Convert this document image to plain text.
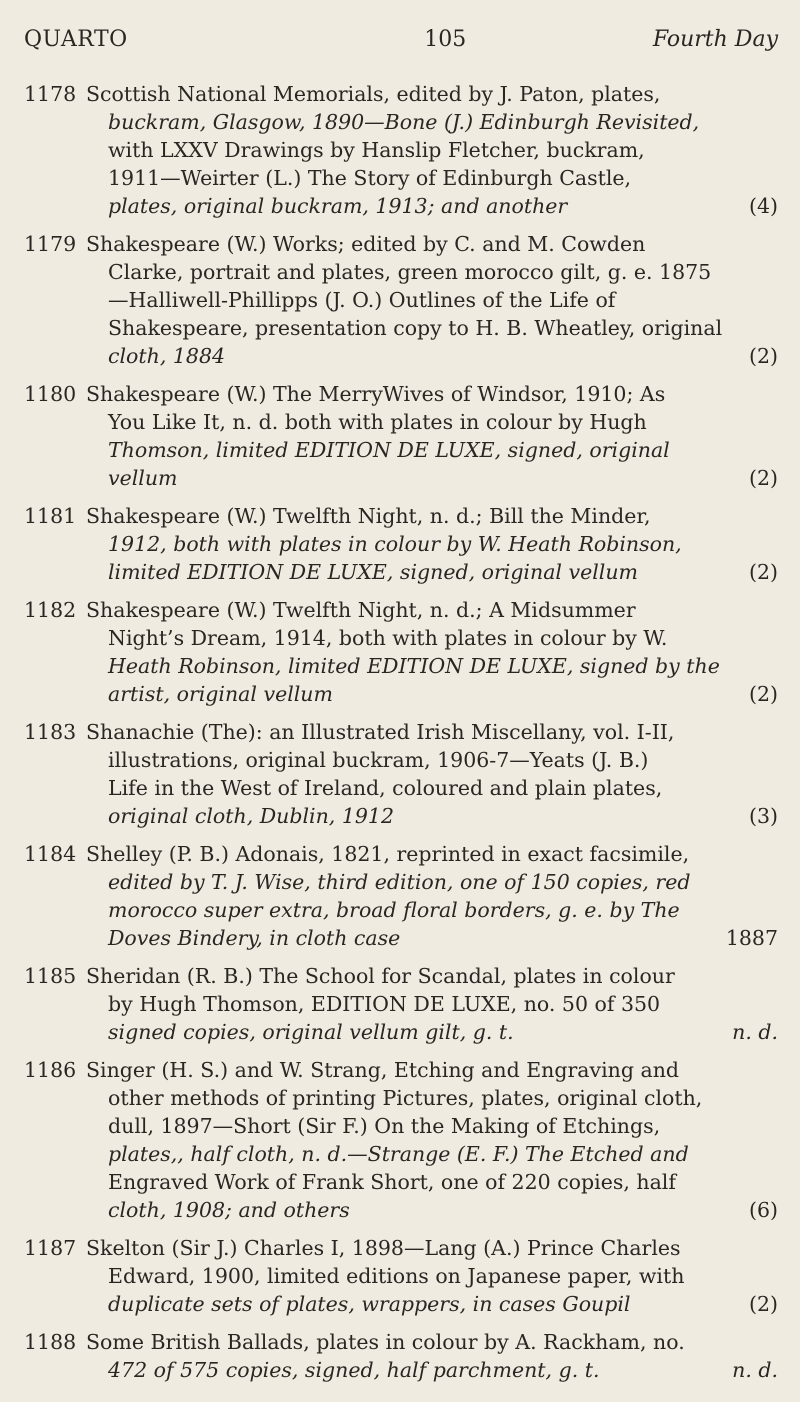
QUARTO	105	Fourth Day
1178 Scottish National Memorials, edited by J. Paton, plates,
buckram, Glasgow, 1890—Bone (J.) Edinburgh Revisited,
with LXXV Drawings by Hanslip Fletcher, buckram,
1911—Weirter (L.) The Story of Edinburgh Castle,
plates, original buckram, 1913; and another	(4)
1179 Shakespeare (W.) Works; edited by C. and M. Cowden
Clarke, portrait and plates, green morocco gilt, g. e. 1875
—Halliwell-Phillipps (J. O.) Outlines of the Life of
Shakespeare, presentation copy to H. B. Wheatley, original
cloth, 1884	(2)
1180 Shakespeare (W.) The MerryWives of Windsor, 1910; As
You Like It, n. d. both with plates in colour by Hugh
Thomson, limited EDITION DE LUXE, signed, original
vellum	(2)
1181 Shakespeare (W.) Twelfth Night, n. d.; Bill the Minder,
1912, both with plates in colour by W. Heath Robinson,
limited EDITION DE LUXE, signed, original vellum	(2)
1182 Shakespeare (W.) Twelfth Night, n. d.; A Midsummer
Night’s Dream, 1914, both with plates in colour by W.
Heath Robinson, limited EDITION DE LUXE, signed by the
artist, original vellum	(2)
1183 Shanachie (The): an Illustrated Irish Miscellany, vol. I-II,
illustrations, original buckram, 1906-7—Yeats (J. B.)
Life in the West of Ireland, coloured and plain plates,
original cloth, Dublin, 1912	(3)
1184 Shelley (P. B.) Adonais, 1821, reprinted in exact facsimile,
edited by T. J. Wise, third edition, one of 150 copies, red
morocco super extra, broad floral borders, g. e. by The
Doves Bindery, in cloth case	1887
1185 Sheridan (R. B.) The School for Scandal, plates in colour
by Hugh Thomson, EDITION DE LUXE, no. 50 of 350
signed copies, original vellum gilt, g. t.	n. d.
1186 Singer (H. S.) and W. Strang, Etching and Engraving and
other methods of printing Pictures, plates, original cloth,
dull, 1897—Short (Sir F.) On the Making of Etchings,
plates,, half cloth, n. d.—Strange (E. F.) The Etched and
Engraved Work of Frank Short, one of 220 copies, half
cloth, 1908; and others	(6)
1187 Skelton (Sir J.) Charles I, 1898—Lang (A.) Prince Charles
Edward, 1900, limited editions on Japanese paper, with
duplicate sets of plates, wrappers, in cases Goupil	(2)
1188 Some British Ballads, plates in colour by A. Rackham, no.
472 of 575 copies, signed, half parchment, g. t.	n. d.
